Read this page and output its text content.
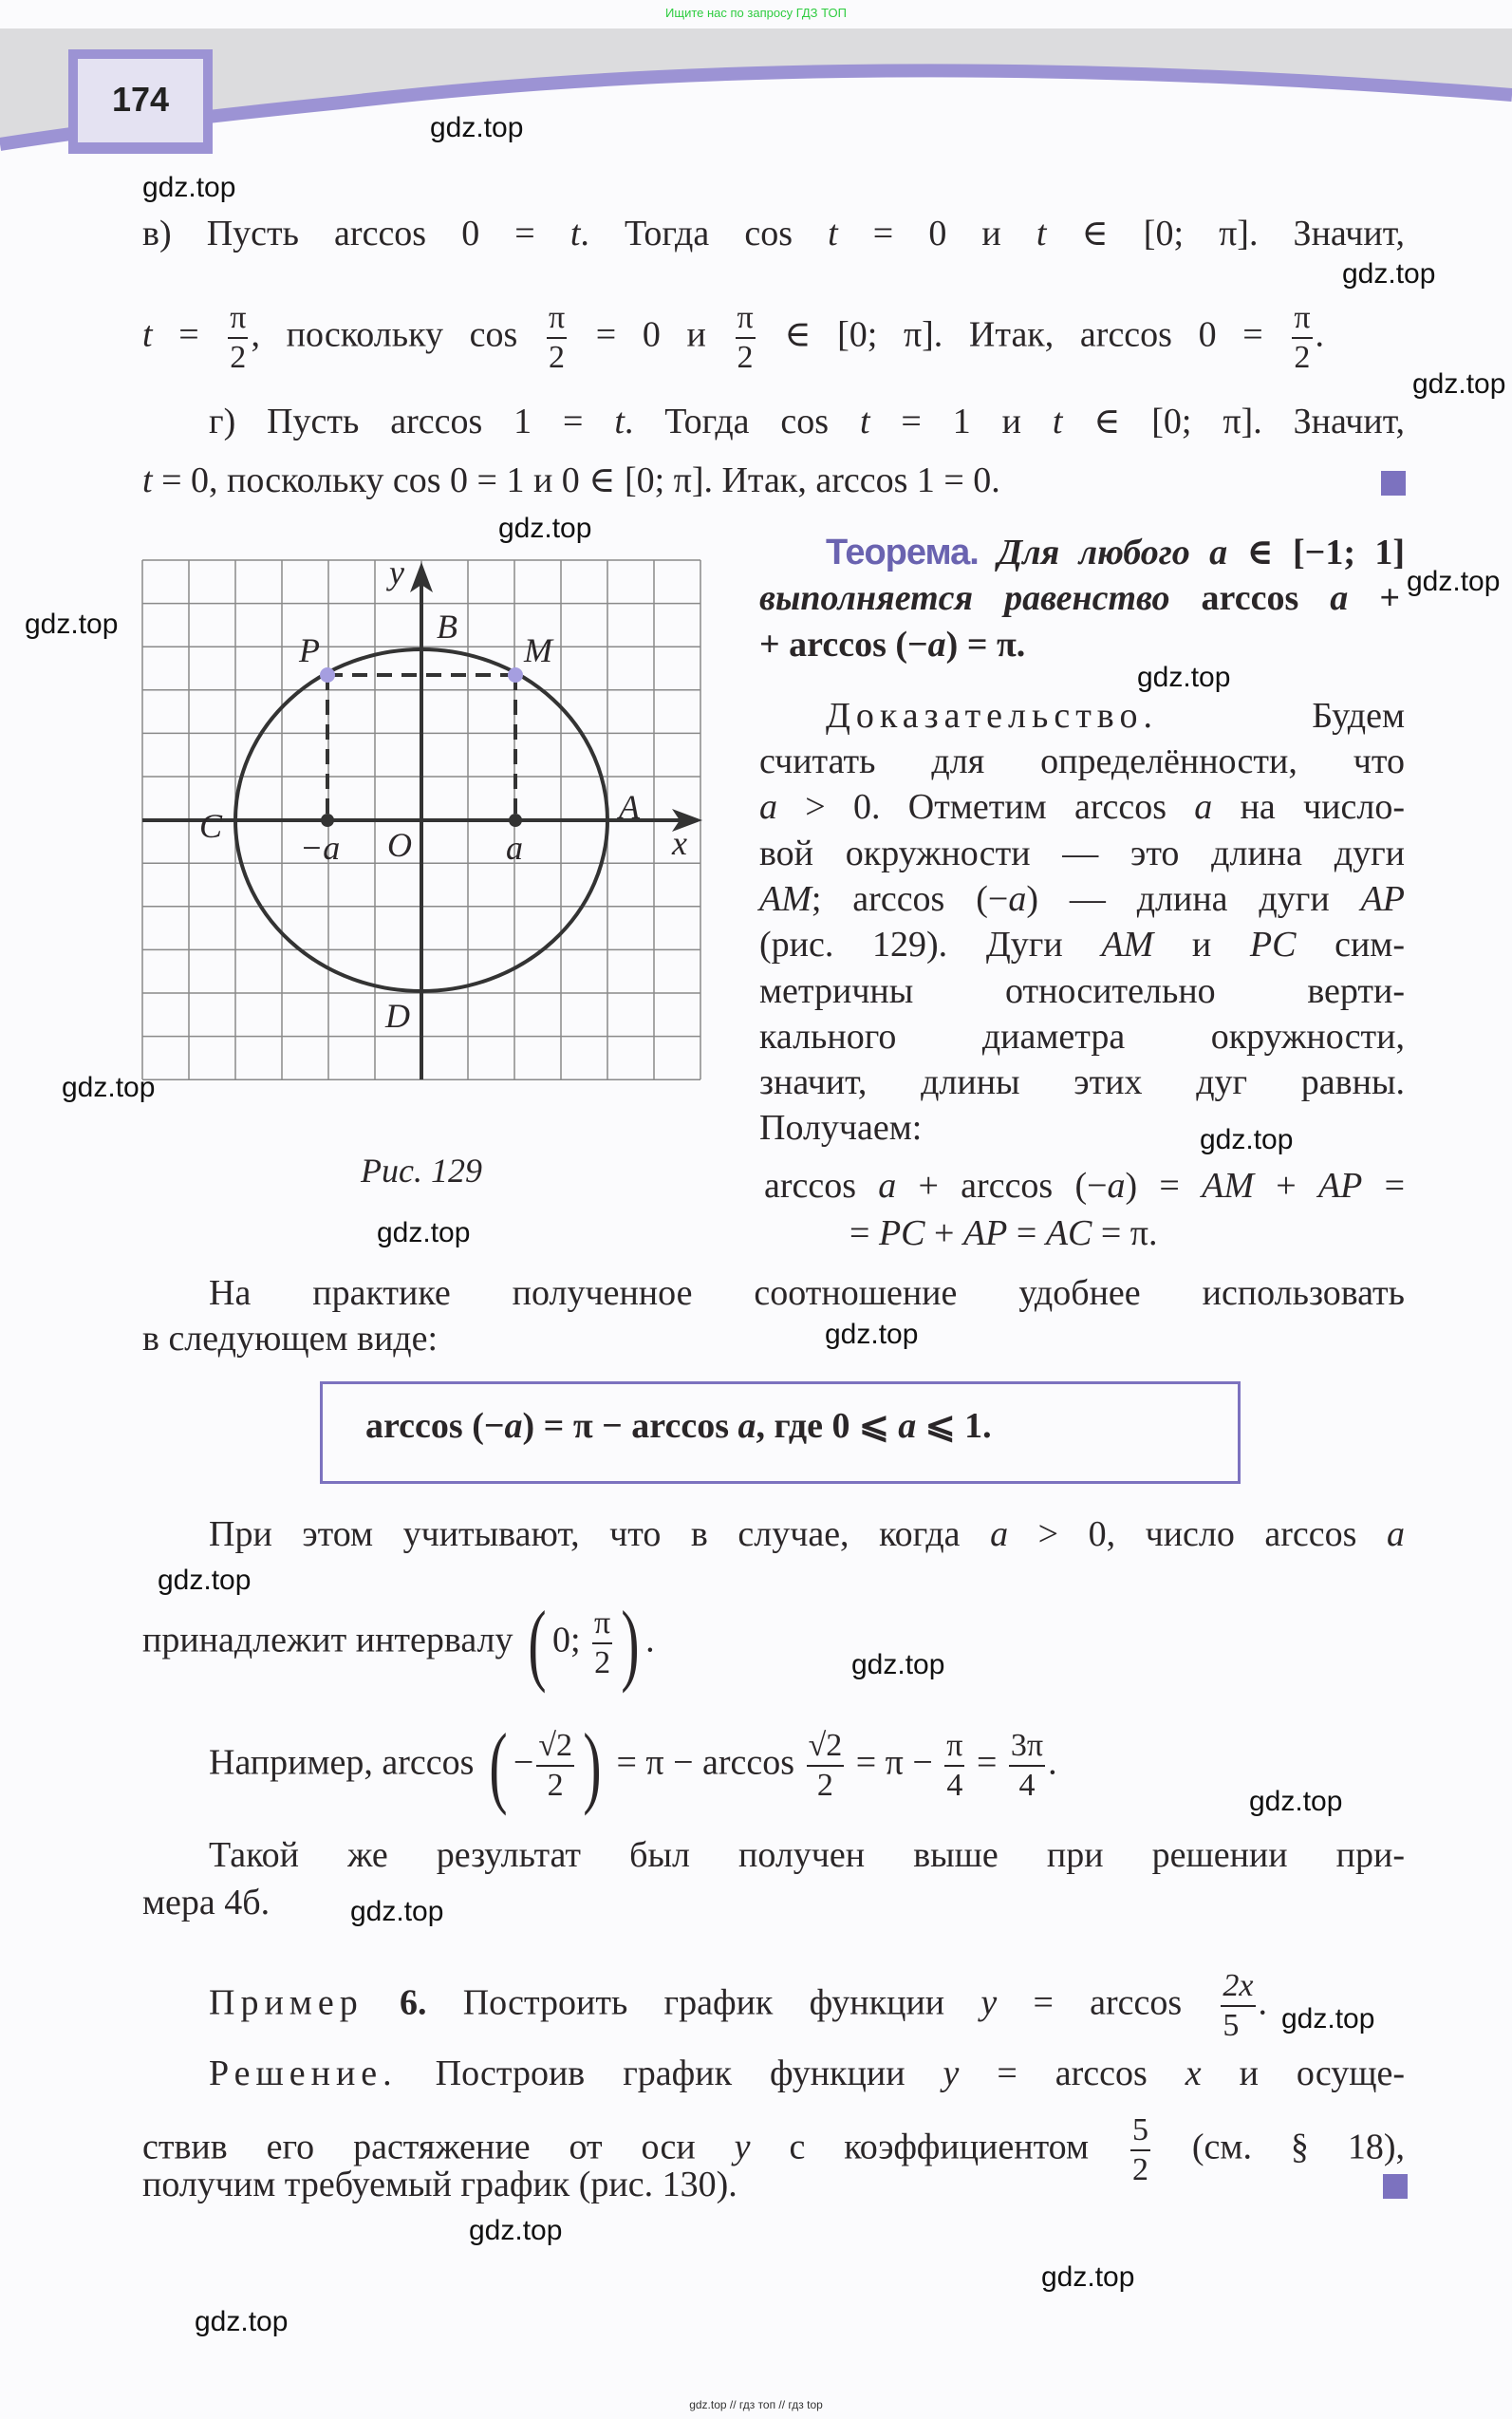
Ищите нас по запросу ГДЗ ТОП
174
в) Пусть arccos 0 = t. Тогда cos t = 0 и t ∈ [0; π]. Значит,
$t = \frac{\pi}{2}$ , поскольку $\cos \frac{\pi}{2} = 0$ и $\frac{\pi}{2}$ ∈ [0; π]. Итак, $\arccos 0 = \frac{\pi}{2}$ .
г) Пусть arccos 1 = t. Тогда cos t = 1 и t ∈ [0; π]. Значит,
t = 0, поскольку cos 0 = 1 и 0 ∈ [0; π]. Итак, arccos 1 = 0.
Теорема. Для любого a ∈ [−1; 1]
выполняется равенство arccos a +
+ arccos (−a) = π.
Доказательство. Будем
считать для определённости, что
a > 0. Отметим arccos a на число-
вой окружности — это длина дуги
AM; arccos (−a) — длина дуги AP
(рис. 129). Дуги AM и PC сим-
метричны относительно верти-
кального диаметра окружности,
значит, длины этих дуг равны.
Получаем:
arccos a + arccos (−a) = AM + AP =
= PC + AP = AC = π.
На практике полученное соотношение удобнее использовать
в следующем виде:
arccos (−a) = π − arccos a, где 0 ⩽ a ⩽ 1.
При этом учитывают, что в случае, когда a > 0, число arccos a
принадлежит интервалу ( 0; $\frac{\pi}{2}$ ) .
Например, arccos ( − $\frac{√2}{2}$ ) = $\pi - \arccos \frac{√2}{2} = \pi - \frac{\pi}{4} = \frac{3\pi}{4}$ .
Такой же результат был получен выше при решении при-
мера 4б.
Пример 6. Построить график функции $y = \arccos \frac{2x}{5}$ .
Решение. Построив график функции y = arccos x и осуще-
ствив его растяжение от оси y с коэффициентом $\frac{5}{2} (см$. § 18),
получим требуемый график (рис. 130).
y
B
P	M
C	A
O
−a	a	x
D
Рис. 129
gdz.top
gdz.top
gdz.top
gdz.top
gdz.top
gdz.top
gdz.top
gdz.top
gdz.top
gdz.top
gdz.top
gdz.top
gdz.top
gdz.top
gdz.top
gdz.top
gdz.top
gdz.top
gdz.top
gdz.top
gdz.top // гдз топ // гдз top
